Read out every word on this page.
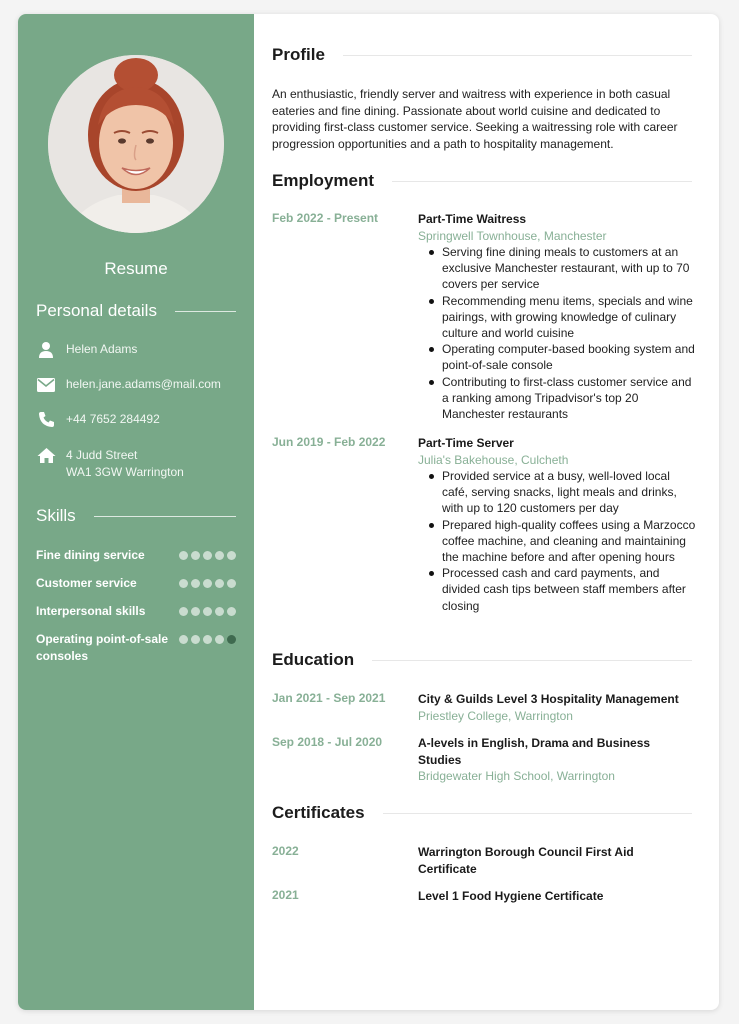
Resume
Personal details
Helen Adams
helen.jane.adams@mail.com
+44 7652 284492
4 Judd Street
WA1 3GW Warrington
Skills
Fine dining service
Customer service
Interpersonal skills
Operating point-of-sale consoles
Profile
An enthusiastic, friendly server and waitress with experience in both casual eateries and fine dining. Passionate about world cuisine and dedicated to providing first-class customer service. Seeking a waitressing role with career progression opportunities and a path to hospitality management.
Employment
Feb 2022 - Present	Part-Time Waitress
Springwell Townhouse, Manchester
Serving fine dining meals to customers at an exclusive Manchester restaurant, with up to 70 covers per service
Recommending menu items, specials and wine pairings, with growing knowledge of culinary culture and world cuisine
Operating computer-based booking system and point-of-sale console
Contributing to first-class customer service and a ranking among Tripadvisor's top 20 Manchester restaurants
Jun 2019 - Feb 2022	Part-Time Server
Julia's Bakehouse, Culcheth
Provided service at a busy, well-loved local café, serving snacks, light meals and drinks, with up to 120 customers per day
Prepared high-quality coffees using a Marzocco coffee machine, and cleaning and maintaining the machine before and after opening hours
Processed cash and card payments, and divided cash tips between staff members after closing
Education
Jan 2021 - Sep 2021	City & Guilds Level 3 Hospitality Management
Priestley College, Warrington
Sep 2018 - Jul 2020	A-levels in English, Drama and Business Studies
Bridgewater High School, Warrington
Certificates
2022	Warrington Borough Council First Aid Certificate
2021	Level 1 Food Hygiene Certificate
